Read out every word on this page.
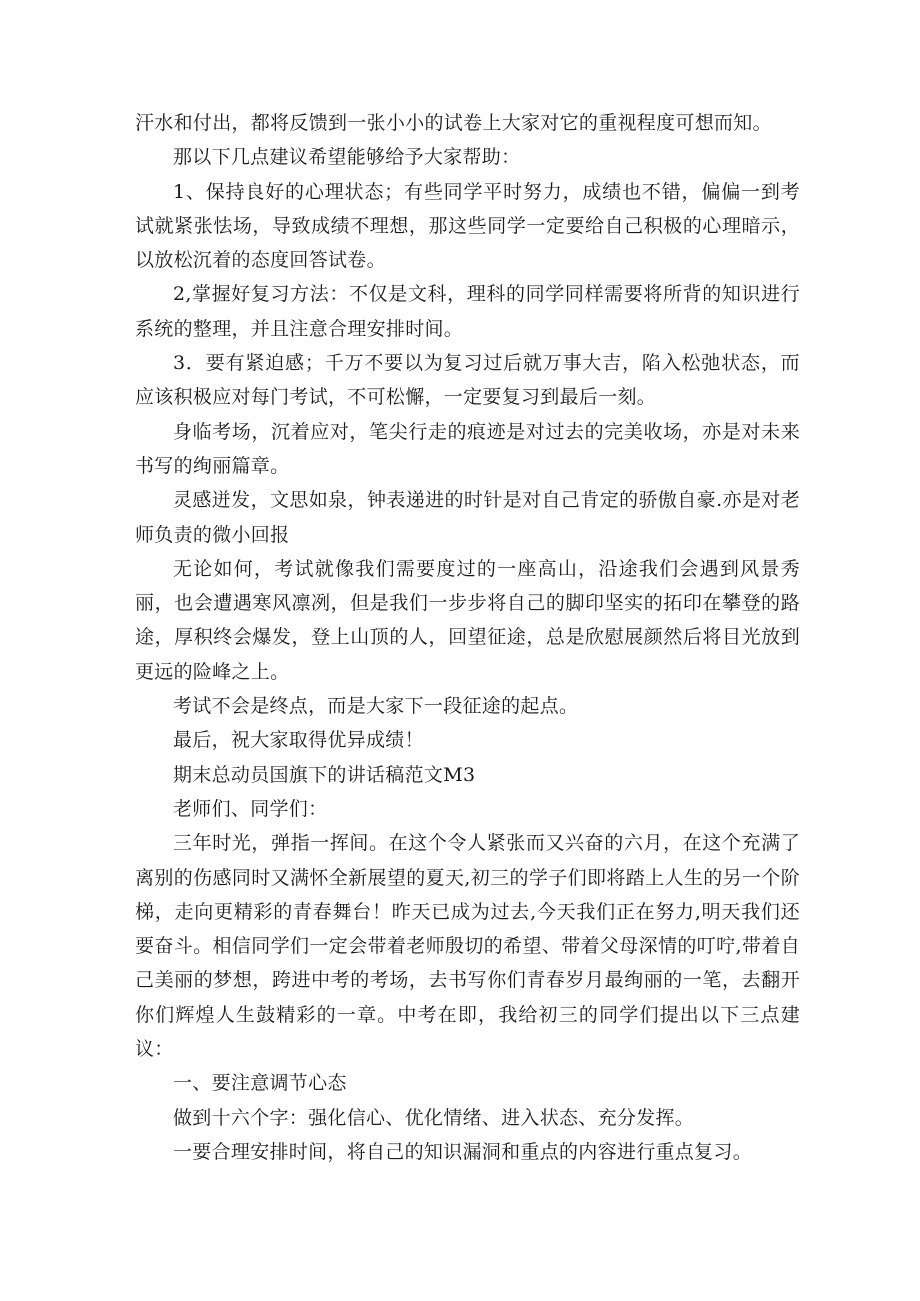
汗水和付出，都将反馈到一张小小的试卷上大家对它的重视程度可想而知。

那以下几点建议希望能够给予大家帮助：

1、保持良好的心理状态；有些同学平时努力，成绩也不错，偏偏一到考试就紧张怯场，导致成绩不理想，那这些同学一定要给自己积极的心理暗示，以放松沉着的态度回答试卷。

2,掌握好复习方法：不仅是文科，理科的同学同样需要将所背的知识进行系统的整理，并且注意合理安排时间。

3．要有紧迫感；千万不要以为复习过后就万事大吉，陷入松弛状态，而应该积极应对每门考试，不可松懈，一定要复习到最后一刻。

身临考场，沉着应对，笔尖行走的痕迹是对过去的完美收场，亦是对未来书写的绚丽篇章。

灵感迸发，文思如泉，钟表递进的时针是对自己肯定的骄傲自豪.亦是对老师负责的微小回报

无论如何，考试就像我们需要度过的一座高山，沿途我们会遇到风景秀丽，也会遭遇寒风凛冽，但是我们一步步将自己的脚印坚实的拓印在攀登的路途，厚积终会爆发，登上山顶的人，回望征途，总是欣慰展颜然后将目光放到更远的险峰之上。

考试不会是终点，而是大家下一段征途的起点。

最后，祝大家取得优异成绩！

期末总动员国旗下的讲话稿范文M3

老师们、同学们：

三年时光，弹指一挥间。在这个令人紧张而又兴奋的六月，在这个充满了离别的伤感同时又满怀全新展望的夏天,初三的学子们即将踏上人生的另一个阶梯，走向更精彩的青春舞台！昨天已成为过去,今天我们正在努力,明天我们还要奋斗。相信同学们一定会带着老师殷切的希望、带着父母深情的叮咛,带着自己美丽的梦想，跨进中考的考场，去书写你们青春岁月最绚丽的一笔，去翻开你们辉煌人生鼓精彩的一章。中考在即，我给初三的同学们提出以下三点建议：

一、要注意调节心态

做到十六个字：强化信心、优化情绪、进入状态、充分发挥。

一要合理安排时间，将自己的知识漏洞和重点的内容进行重点复习。
